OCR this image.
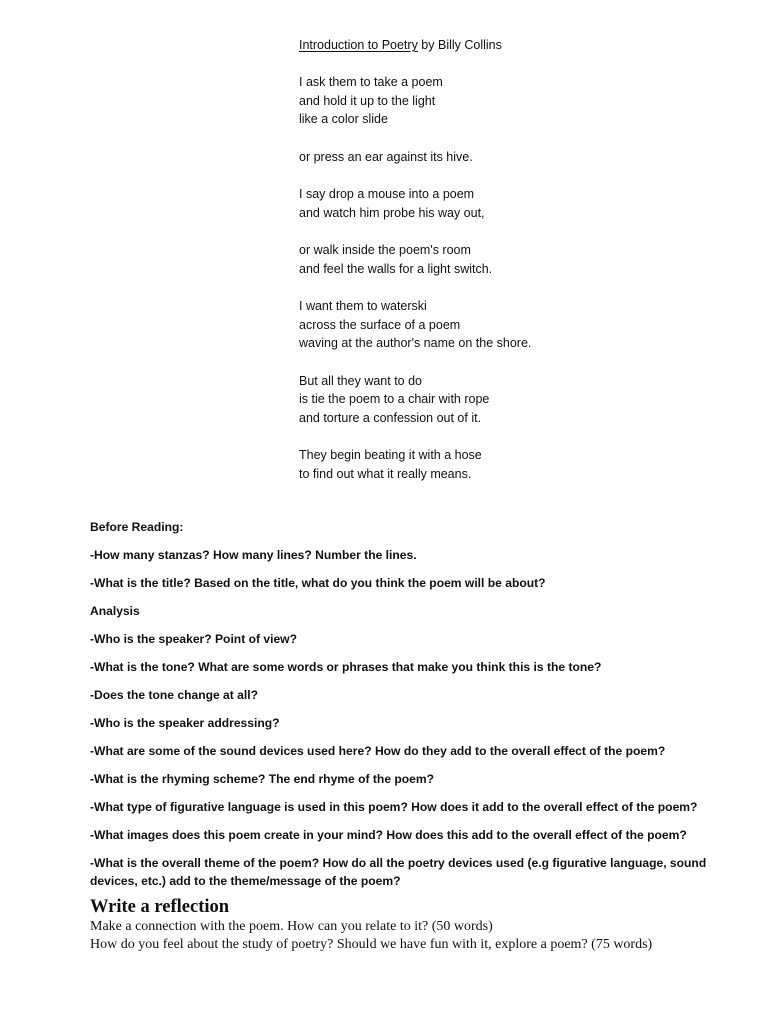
Introduction to Poetry by Billy Collins
I ask them to take a poem
and hold it up to the light
like a color slide
or press an ear against its hive.
I say drop a mouse into a poem
and watch him probe his way out,
or walk inside the poem's room
and feel the walls for a light switch.
I want them to waterski
across the surface of a poem
waving at the author's name on the shore.
But all they want to do
is tie the poem to a chair with rope
and torture a confession out of it.
They begin beating it with a hose
to find out what it really means.

Before Reading:

-How many stanzas? How many lines? Number the lines.

-What is the title? Based on the title, what do you think the poem will be about?

Analysis

-Who is the speaker? Point of view?

-What is the tone? What are some words or phrases that make you think this is the tone?

-Does the tone change at all?

-Who is the speaker addressing?

-What are some of the sound devices used here? How do they add to the overall effect of the poem?

-What is the rhyming scheme? The end rhyme of the poem?

-What type of figurative language is used in this poem? How does it add to the overall effect of the poem?

-What images does this poem create in your mind? How does this add to the overall effect of the poem?

-What is the overall theme of the poem? How do all the poetry devices used (e.g figurative language, sound devices, etc.) add to the theme/message of the poem?

Write a reflection

Make a connection with the poem. How can you relate to it? (50 words)

How do you feel about the study of poetry? Should we have fun with it, explore a poem? (75 words)
